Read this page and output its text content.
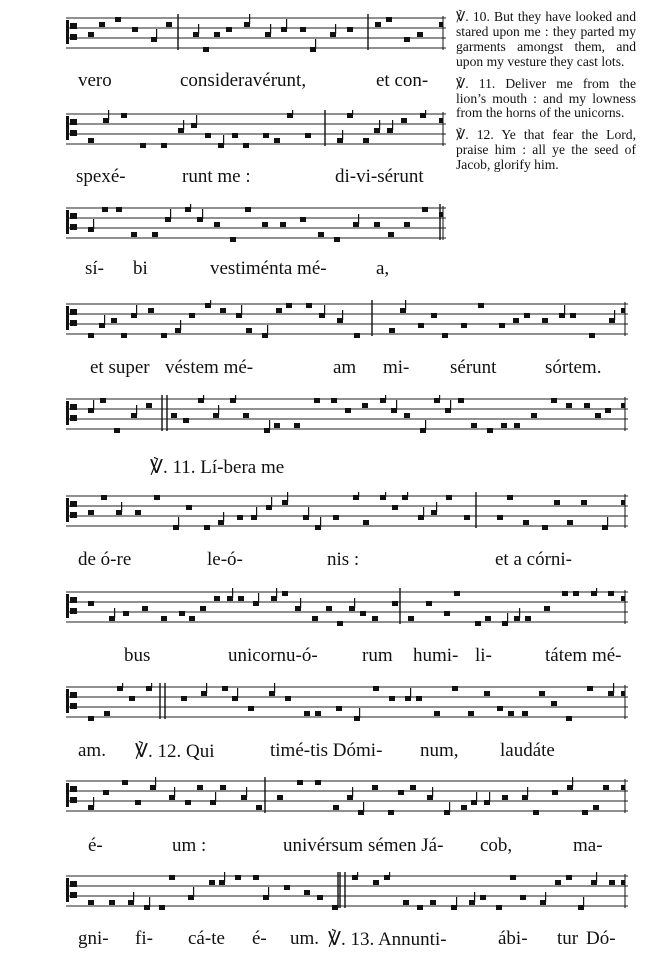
vero	consideravérunt,	et con-
spexé-	runt me :	di-vi-sérunt
sí- bi	vestiménta mé-	a,
et super véstem mé-	am mi- sérunt	sórtem.
℣. 11. Lí-bera me
de ó-re	le-ó-	nis :	et a córni-
bus	unicornu-ó- rum humi- li-	tátem mé-
am. ℣. 12. Qui	timé-tis Dómi- num, laudáte
é-	um :	univérsum sémen Já- cob,	ma-
gni- fi- cá-te é- um. ℣. 13. Annunti-	ábi- tur Dó-

℣. 10. But they have looked and stared upon me : they parted my garments amongst them, and upon my vesture they cast lots.

℣. 11. Deliver me from the lion’s mouth : and my lowness from the horns of the unicorns.

℣. 12. Ye that fear the Lord, praise him : all ye the seed of Jacob, glorify him.
